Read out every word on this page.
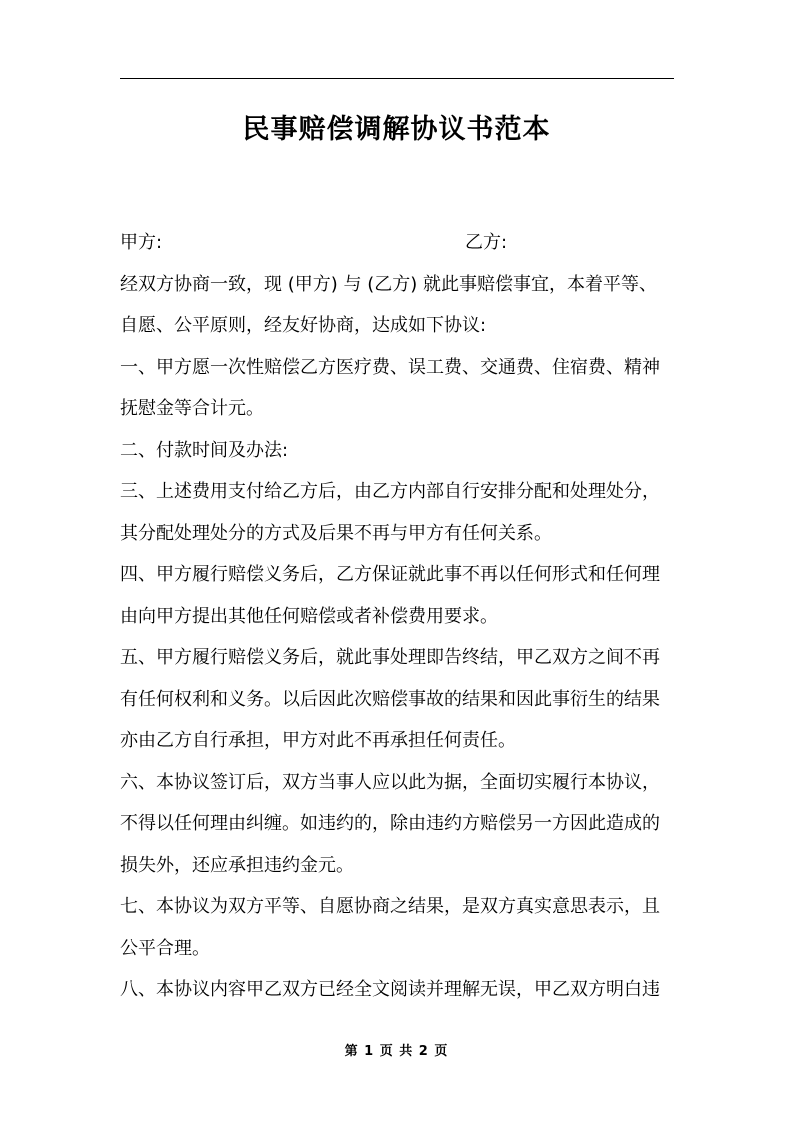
民事赔偿调解协议书范本
甲方:	乙方:
经双方协商一致，现 (甲方) 与 (乙方) 就此事赔偿事宜，本着平等、
自愿、公平原则，经友好协商，达成如下协议:
一、甲方愿一次性赔偿乙方医疗费、误工费、交通费、住宿费、精神
抚慰金等合计元。
二、付款时间及办法:
三、上述费用支付给乙方后，由乙方内部自行安排分配和处理处分，
其分配处理处分的方式及后果不再与甲方有任何关系。
四、甲方履行赔偿义务后，乙方保证就此事不再以任何形式和任何理
由向甲方提出其他任何赔偿或者补偿费用要求。
五、甲方履行赔偿义务后，就此事处理即告终结，甲乙双方之间不再
有任何权利和义务。以后因此次赔偿事故的结果和因此事衍生的结果
亦由乙方自行承担，甲方对此不再承担任何责任。
六、本协议签订后，双方当事人应以此为据，全面切实履行本协议，
不得以任何理由纠缠。如违约的，除由违约方赔偿另一方因此造成的
损失外，还应承担违约金元。
七、本协议为双方平等、自愿协商之结果，是双方真实意思表示，且
公平合理。
八、本协议内容甲乙双方已经全文阅读并理解无误，甲乙双方明白违
第 1 页 共 2 页
